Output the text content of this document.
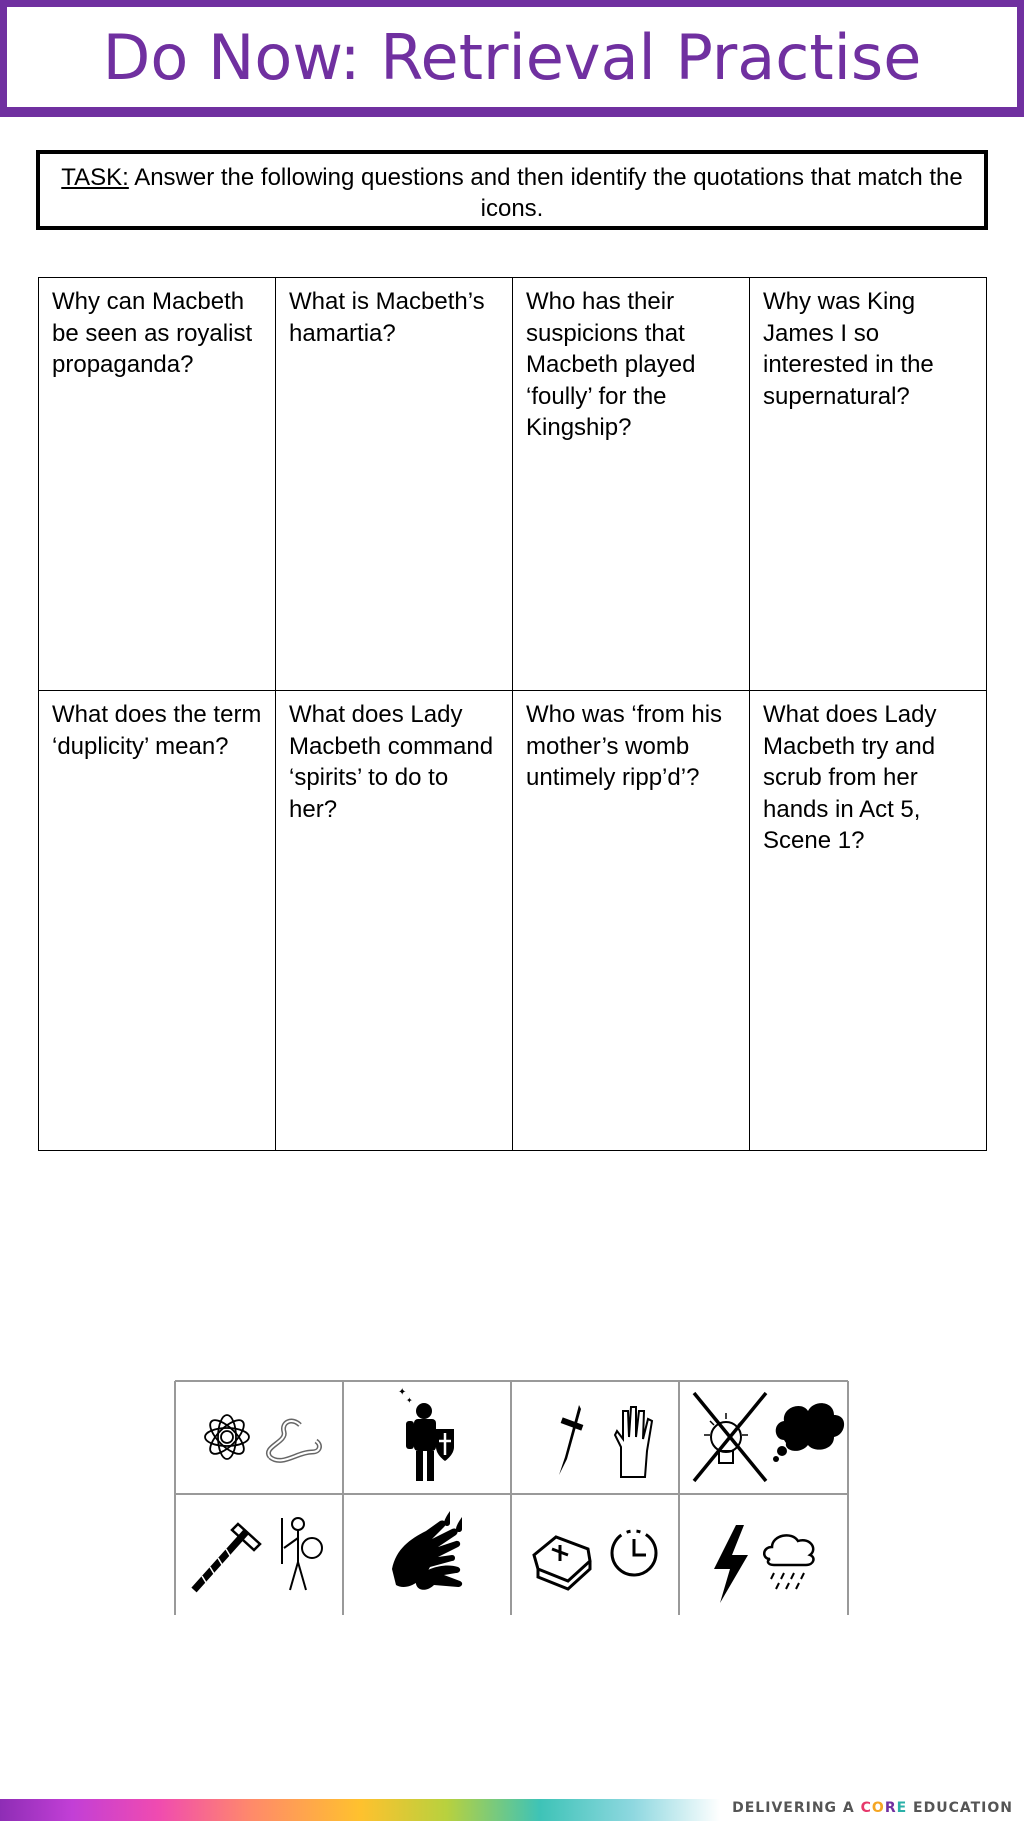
Do Now: Retrieval Practise
TASK: Answer the following questions and then identify the quotations that match the icons.
Why can Macbeth be seen as royalist propaganda?	What is Macbeth’s hamartia?	Who has their suspicions that Macbeth played ‘foully’ for the Kingship?	Why was King James I so interested in the supernatural?
What does the term ‘duplicity’ mean?	What does Lady Macbeth command ‘spirits’ to do to her?	Who was ‘from his mother’s womb untimely ripp’d’?	What does Lady Macbeth try and scrub from her hands in Act 5, Scene 1?
✦
✦
DELIVERING A CORE EDUCATION
